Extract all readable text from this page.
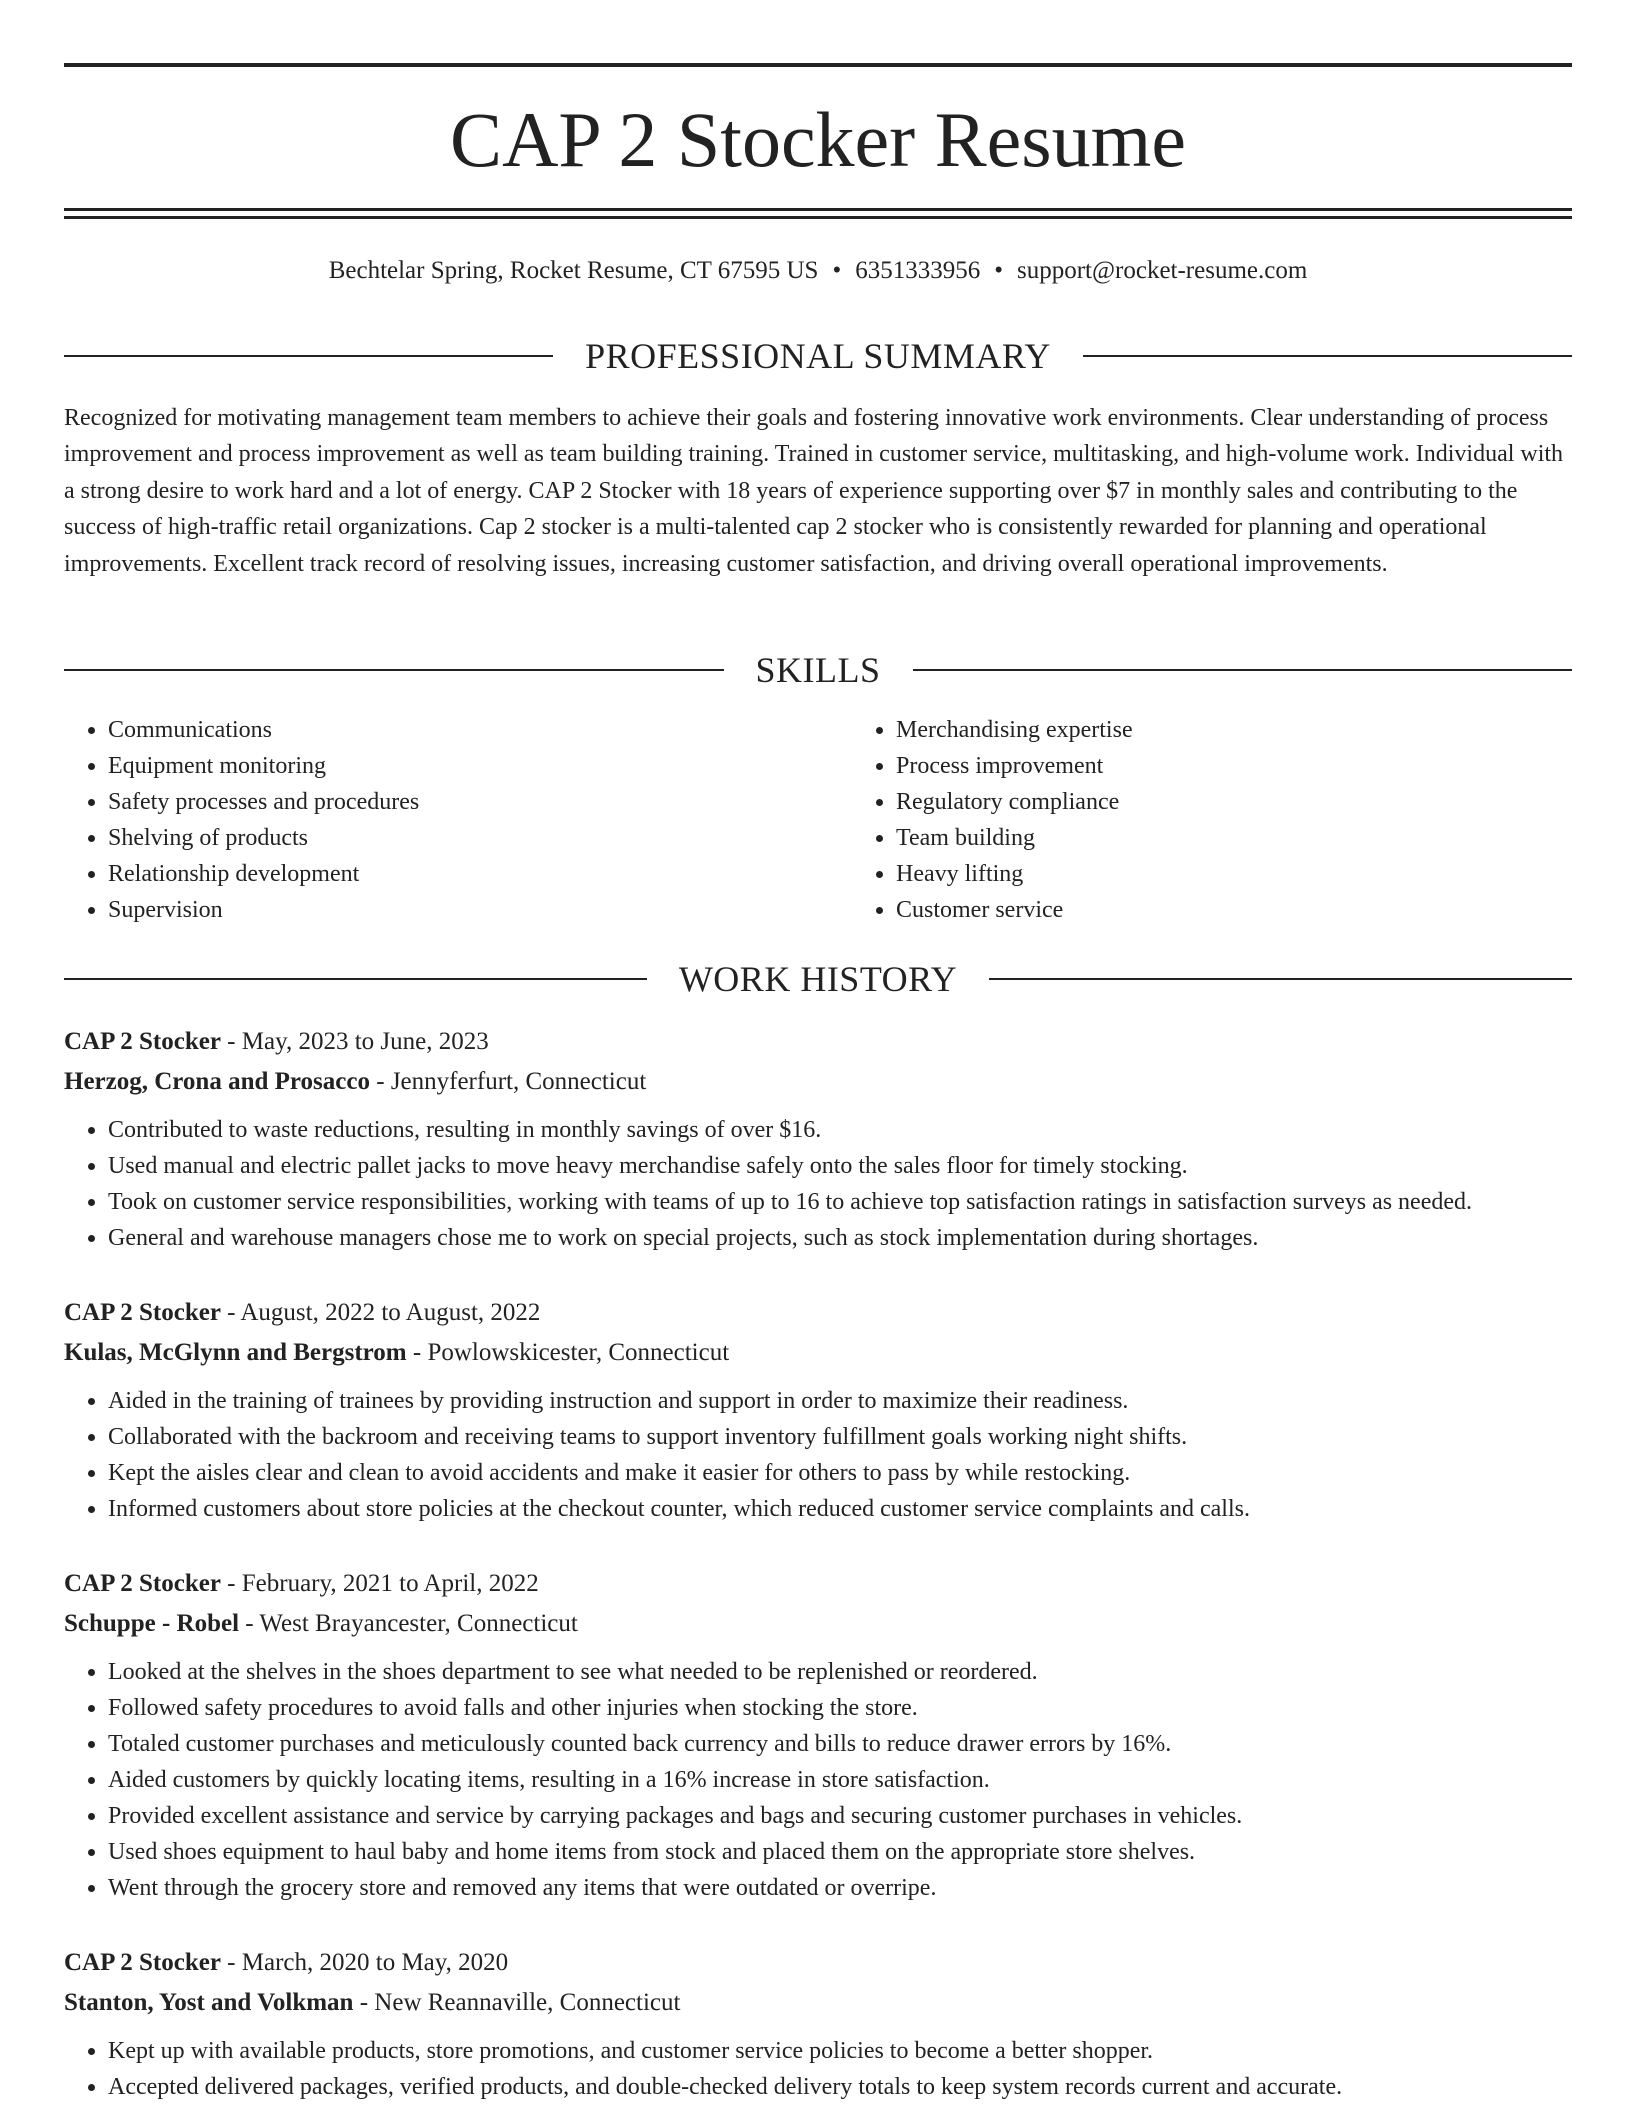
CAP 2 Stocker Resume
Bechtelar Spring, Rocket Resume, CT 67595 US • 6351333956 • support@rocket-resume.com
PROFESSIONAL SUMMARY
Recognized for motivating management team members to achieve their goals and fostering innovative work environments. Clear understanding of process improvement and process improvement as well as team building training. Trained in customer service, multitasking, and high-volume work. Individual with a strong desire to work hard and a lot of energy. CAP 2 Stocker with 18 years of experience supporting over $7 in monthly sales and contributing to the success of high-traffic retail organizations. Cap 2 stocker is a multi-talented cap 2 stocker who is consistently rewarded for planning and operational improvements. Excellent track record of resolving issues, increasing customer satisfaction, and driving overall operational improvements.
SKILLS
• Communications
• Equipment monitoring
• Safety processes and procedures
• Shelving of products
• Relationship development
• Supervision
• Merchandising expertise
• Process improvement
• Regulatory compliance
• Team building
• Heavy lifting
• Customer service
WORK HISTORY
CAP 2 Stocker - May, 2023 to June, 2023
Herzog, Crona and Prosacco - Jennyferfurt, Connecticut
• Contributed to waste reductions, resulting in monthly savings of over $16.
• Used manual and electric pallet jacks to move heavy merchandise safely onto the sales floor for timely stocking.
• Took on customer service responsibilities, working with teams of up to 16 to achieve top satisfaction ratings in satisfaction surveys as needed.
• General and warehouse managers chose me to work on special projects, such as stock implementation during shortages.
CAP 2 Stocker - August, 2022 to August, 2022
Kulas, McGlynn and Bergstrom - Powlowskicester, Connecticut
• Aided in the training of trainees by providing instruction and support in order to maximize their readiness.
• Collaborated with the backroom and receiving teams to support inventory fulfillment goals working night shifts.
• Kept the aisles clear and clean to avoid accidents and make it easier for others to pass by while restocking.
• Informed customers about store policies at the checkout counter, which reduced customer service complaints and calls.
CAP 2 Stocker - February, 2021 to April, 2022
Schuppe - Robel - West Brayancester, Connecticut
• Looked at the shelves in the shoes department to see what needed to be replenished or reordered.
• Followed safety procedures to avoid falls and other injuries when stocking the store.
• Totaled customer purchases and meticulously counted back currency and bills to reduce drawer errors by 16%.
• Aided customers by quickly locating items, resulting in a 16% increase in store satisfaction.
• Provided excellent assistance and service by carrying packages and bags and securing customer purchases in vehicles.
• Used shoes equipment to haul baby and home items from stock and placed them on the appropriate store shelves.
• Went through the grocery store and removed any items that were outdated or overripe.
CAP 2 Stocker - March, 2020 to May, 2020
Stanton, Yost and Volkman - New Reannaville, Connecticut
• Kept up with available products, store promotions, and customer service policies to become a better shopper.
• Accepted delivered packages, verified products, and double-checked delivery totals to keep system records current and accurate.
